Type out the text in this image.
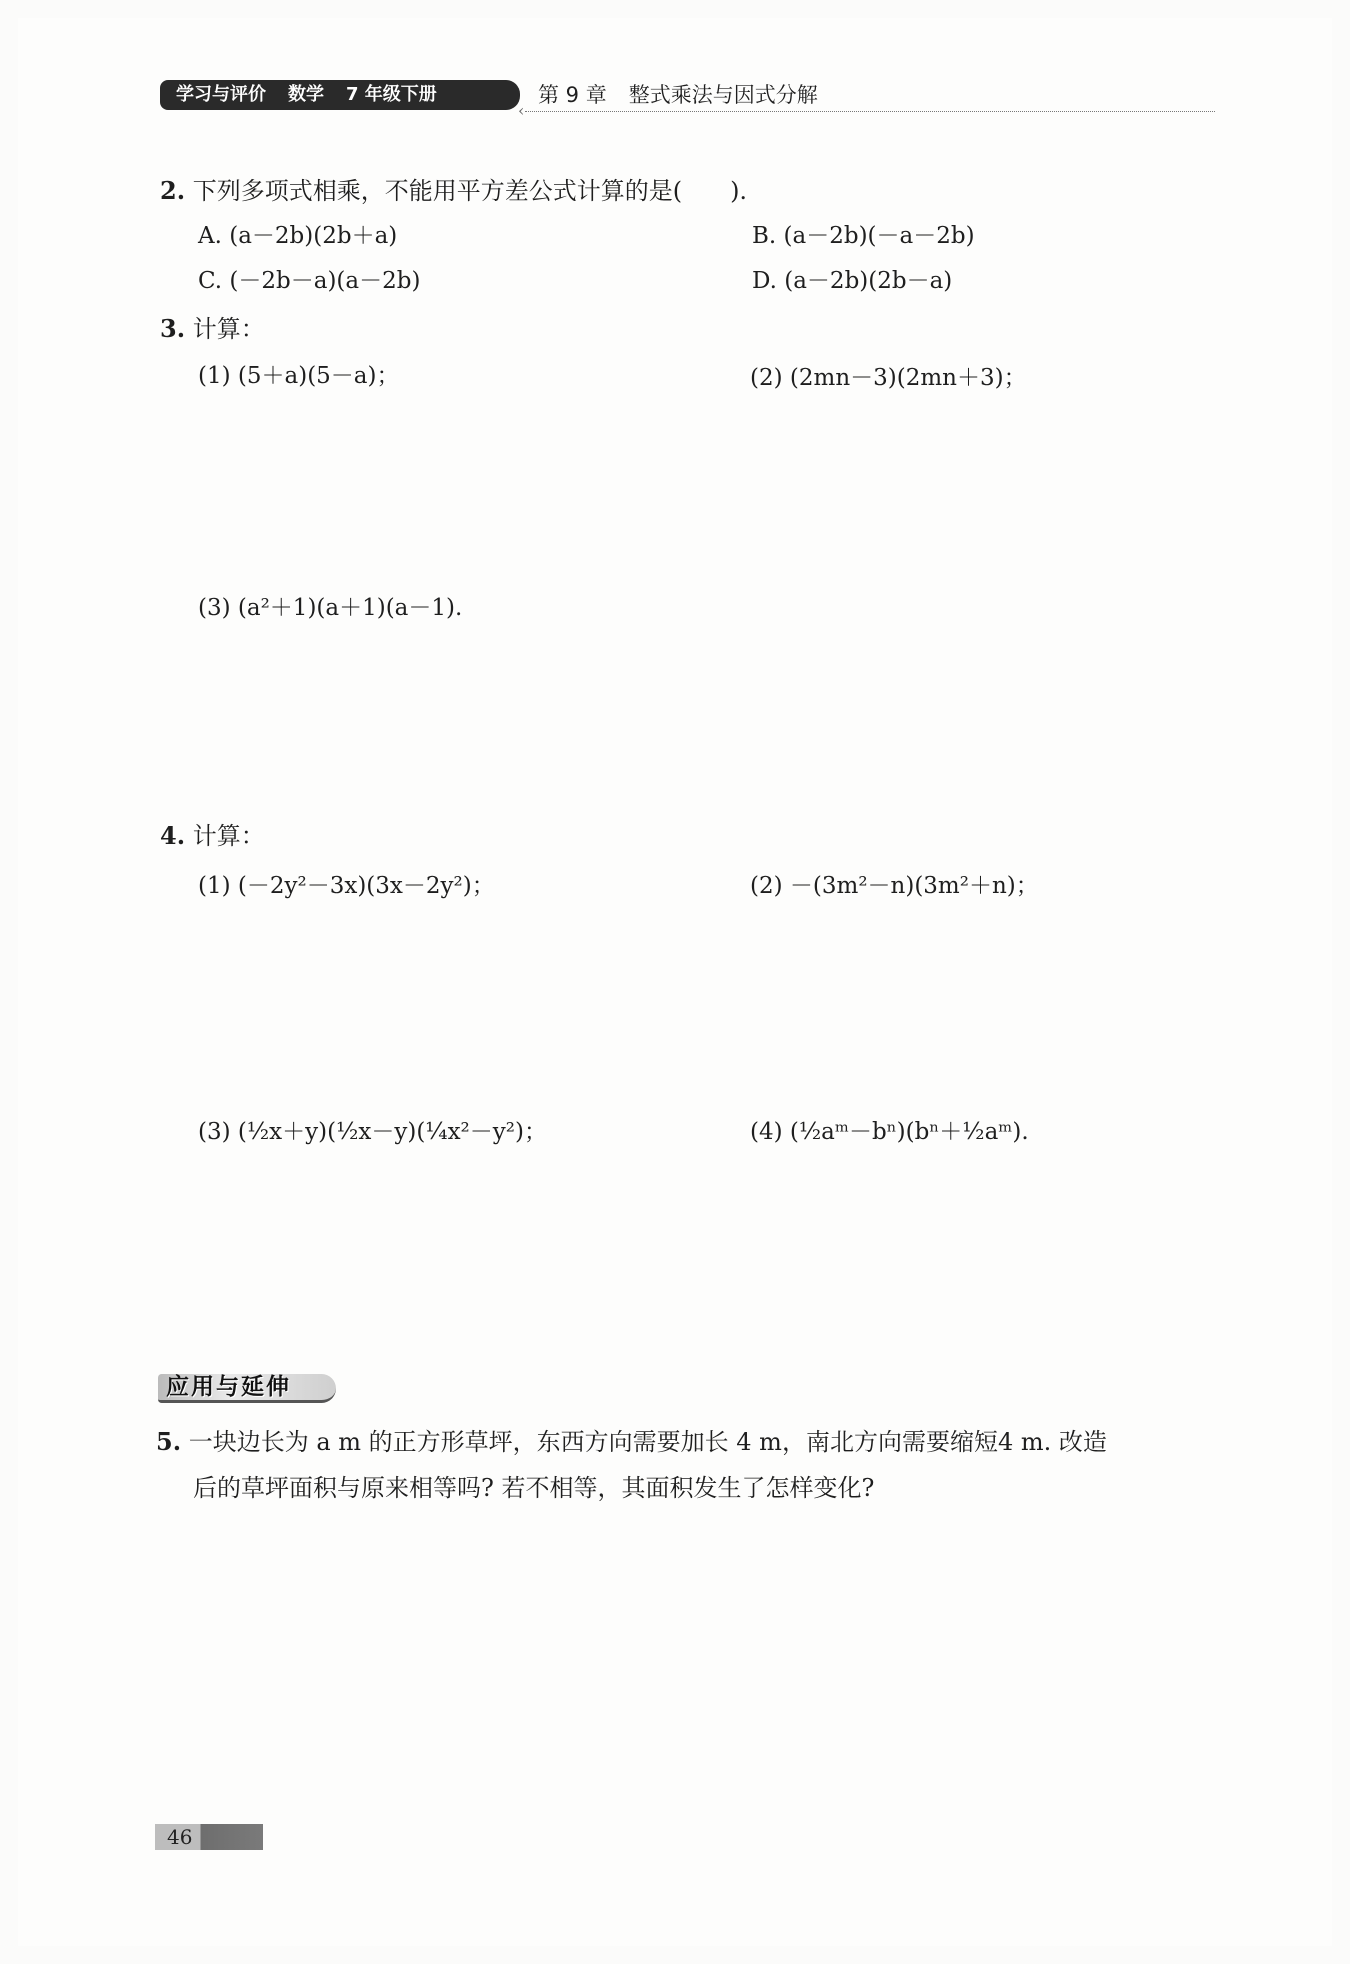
学习与评价 数学 7 年级下册	第 9 章 整式乘法与因式分解
‹
2. 下列多项式相乘，不能用平方差公式计算的是(　　).
A. (a－2b)(2b＋a)	B. (a－2b)(－a－2b)
C. (－2b－a)(a－2b)	D. (a－2b)(2b－a)
3. 计算：
(1) (5＋a)(5－a)；	(2) (2mn－3)(2mn＋3)；
(3) (a²＋1)(a＋1)(a－1).
4. 计算：
(1) (－2y²－3x)(3x－2y²)；	(2) －(3m²－n)(3m²＋n)；
(3) (½x＋y)(½x－y)(¼x²－y²)；	(4) (½aᵐ－bⁿ)(bⁿ＋½aᵐ).
应用与延伸
5. 一块边长为 a m 的正方形草坪，东西方向需要加长 4 m，南北方向需要缩短4 m. 改造
后的草坪面积与原来相等吗? 若不相等，其面积发生了怎样变化?
46
